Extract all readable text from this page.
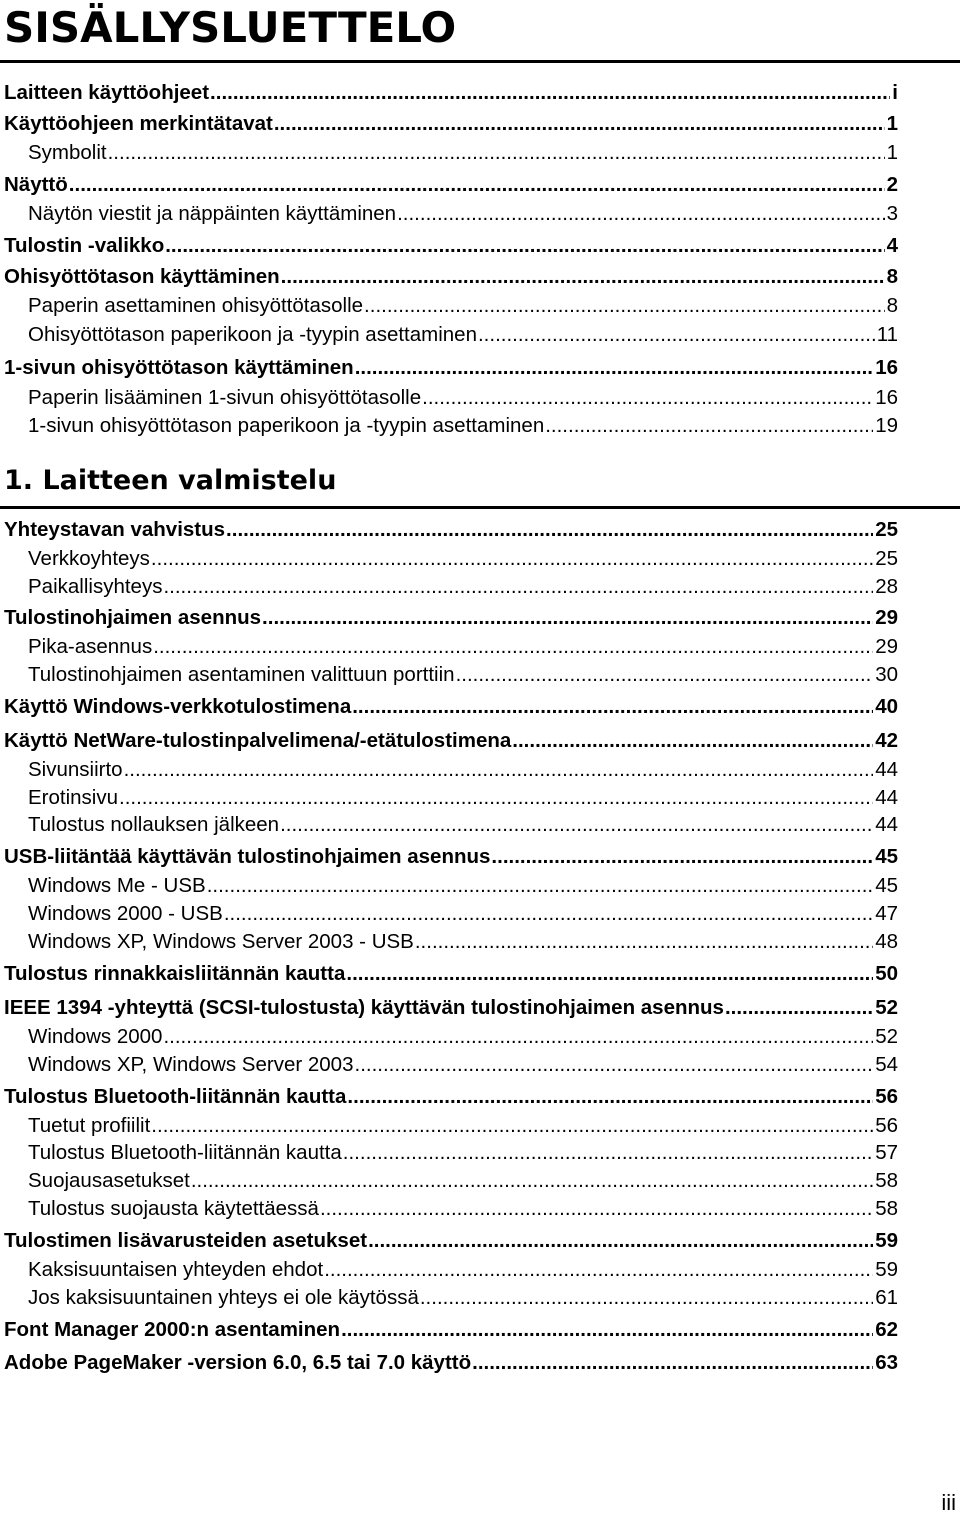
SISÄLLYSLUETTELO
Laitteen käyttöohjeet .....	i
Käyttöohjeen merkintätavat .....	1
Symbolit .....	1
Näyttö .....	2
Näytön viestit ja näppäinten käyttäminen .....	3
Tulostin -valikko .....	4
Ohisyöttötason käyttäminen .....	8
Paperin asettaminen ohisyöttötasolle .....	8
Ohisyöttötason paperikoon ja -tyypin asettaminen .....	11
1-sivun ohisyöttötason käyttäminen .....	16
Paperin lisääminen 1-sivun ohisyöttötasolle .....	16
1-sivun ohisyöttötason paperikoon ja -tyypin asettaminen .....	19
1. Laitteen valmistelu
Yhteystavan vahvistus .....	25
Verkkoyhteys .....	25
Paikallisyhteys .....	28
Tulostinohjaimen asennus .....	29
Pika-asennus .....	29
Tulostinohjaimen asentaminen valittuun porttiin .....	30
Käyttö Windows-verkkotulostimena .....	40
Käyttö NetWare-tulostinpalvelimena/-etätulostimena .....	42
Sivunsiirto .....	44
Erotinsivu .....	44
Tulostus nollauksen jälkeen .....	44
USB-liitäntää käyttävän tulostinohjaimen asennus .....	45
Windows Me - USB .....	45
Windows 2000 - USB .....	47
Windows XP, Windows Server 2003 - USB .....	48
Tulostus rinnakkaisliitännän kautta .....	50
IEEE 1394 -yhteyttä (SCSI-tulostusta) käyttävän tulostinohjaimen asennus .....	52
Windows 2000 .....	52
Windows XP, Windows Server 2003 .....	54
Tulostus Bluetooth-liitännän kautta .....	56
Tuetut profiilit .....	56
Tulostus Bluetooth-liitännän kautta .....	57
Suojausasetukset .....	58
Tulostus suojausta käytettäessä .....	58
Tulostimen lisävarusteiden asetukset .....	59
Kaksisuuntaisen yhteyden ehdot .....	59
Jos kaksisuuntainen yhteys ei ole käytössä .....	61
Font Manager 2000:n asentaminen .....	62
Adobe PageMaker -version 6.0, 6.5 tai 7.0 käyttö .....	63
iii
